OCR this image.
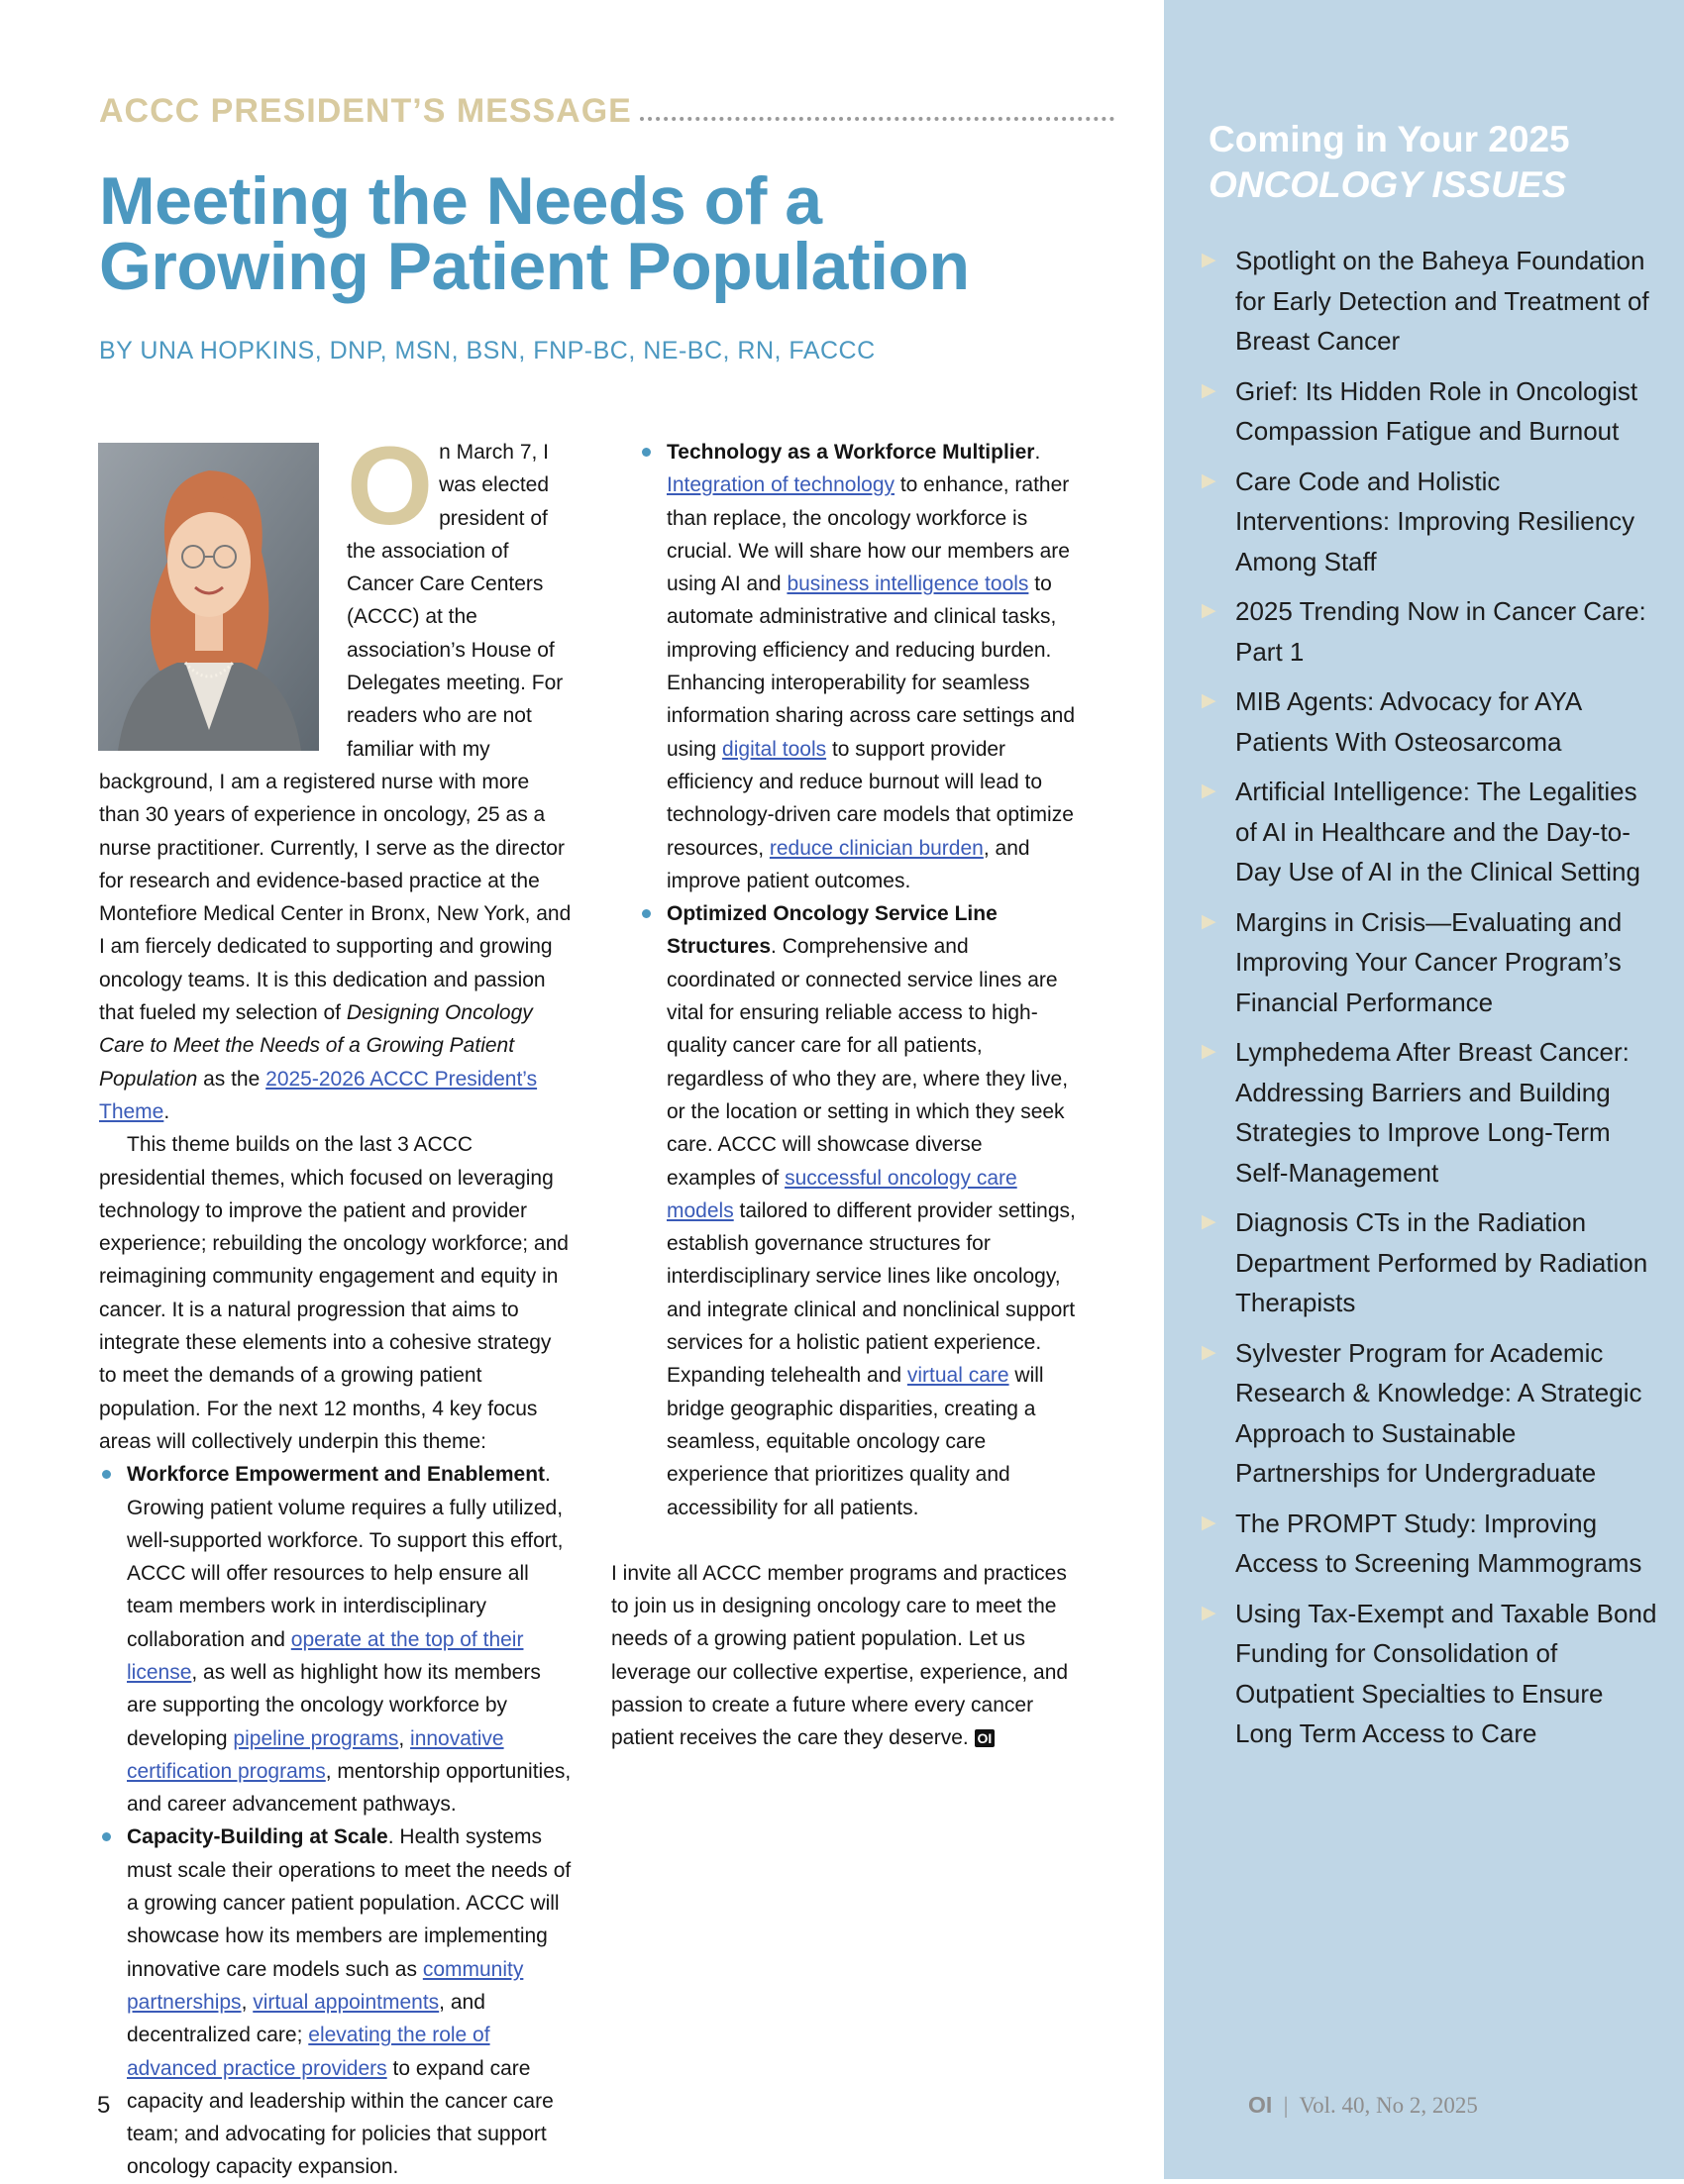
ACCC PRESIDENT’S MESSAGE
Meeting the Needs of a Growing Patient Population
BY UNA HOPKINS, DNP, MSN, BSN, FNP-BC, NE-BC, RN, FACCC

On March 7, I was elected president of the association of Cancer Care Centers (ACCC) at the association’s House of Delegates meeting. For readers who are not familiar with my background, I am a registered nurse with more than 30 years of experience in oncology, 25 as a nurse practitioner. Currently, I serve as the director for research and evidence-based practice at the Montefiore Medical Center in Bronx, New York, and I am fiercely dedicated to supporting and growing oncology teams. It is this dedication and passion that fueled my selection of Designing Oncology Care to Meet the Needs of a Growing Patient Population as the 2025-2026 ACCC President’s Theme.

This theme builds on the last 3 ACCC presidential themes, which focused on leveraging technology to improve the patient and provider experience; rebuilding the oncology workforce; and reimagining community engagement and equity in cancer. It is a natural progression that aims to integrate these elements into a cohesive strategy to meet the demands of a growing patient population. For the next 12 months, 4 key focus areas will collectively underpin this theme:

Workforce Empowerment and Enablement. Growing patient volume requires a fully utilized, well-supported workforce. To support this effort, ACCC will offer resources to help ensure all team members work in interdisciplinary collaboration and operate at the top of their license, as well as highlight how its members are supporting the oncology workforce by developing pipeline programs, innovative certification programs, mentorship opportunities, and career advancement pathways.
Capacity-Building at Scale. Health systems must scale their operations to meet the needs of a growing cancer patient population. ACCC will showcase how its members are implementing innovative care models such as community partnerships, virtual appointments, and decentralized care; elevating the role of advanced practice providers to expand care capacity and leadership within the cancer care team; and advocating for policies that support oncology capacity expansion.
Technology as a Workforce Multiplier. Integration of technology to enhance, rather than replace, the oncology workforce is crucial. We will share how our members are using AI and business intelligence tools to automate administrative and clinical tasks, improving efficiency and reducing burden. Enhancing interoperability for seamless information sharing across care settings and using digital tools to support provider efficiency and reduce burnout will lead to technology-driven care models that optimize resources, reduce clinician burden, and improve patient outcomes.
Optimized Oncology Service Line Structures. Comprehensive and coordinated or connected service lines are vital for ensuring reliable access to high-quality cancer care for all patients, regardless of who they are, where they live, or the location or setting in which they seek care. ACCC will showcase diverse examples of successful oncology care models tailored to different provider settings, establish governance structures for interdisciplinary service lines like oncology, and integrate clinical and nonclinical support services for a holistic patient experience. Expanding telehealth and virtual care will bridge geographic disparities, creating a seamless, equitable oncology care experience that prioritizes quality and accessibility for all patients.

I invite all ACCC member programs and practices to join us in designing oncology care to meet the needs of a growing patient population. Let us leverage our collective expertise, experience, and passion to create a future where every cancer patient receives the care they deserve. OI

5
Coming in Your 2025
ONCOLOGY ISSUES
▶ Spotlight on the Baheya Foundation for Early Detection and Treatment of Breast Cancer
▶ Grief: Its Hidden Role in Oncologist Compassion Fatigue and Burnout
▶ Care Code and Holistic Interventions: Improving Resiliency Among Staff
▶ 2025 Trending Now in Cancer Care: Part 1
▶ MIB Agents: Advocacy for AYA Patients With Osteosarcoma
▶ Artificial Intelligence: The Legalities of AI in Healthcare and the Day-to-Day Use of AI in the Clinical Setting
▶ Margins in Crisis—Evaluating and Improving Your Cancer Program’s Financial Performance
▶ Lymphedema After Breast Cancer: Addressing Barriers and Building Strategies to Improve Long-Term Self-Management
▶ Diagnosis CTs in the Radiation Department Performed by Radiation Therapists
▶ Sylvester Program for Academic Research & Knowledge: A Strategic Approach to Sustainable Partnerships for Undergraduate
▶ The PROMPT Study: Improving Access to Screening Mammograms
▶ Using Tax-Exempt and Taxable Bond Funding for Consolidation of Outpatient Specialties to Ensure Long Term Access to Care
OI | Vol. 40, No 2, 2025
